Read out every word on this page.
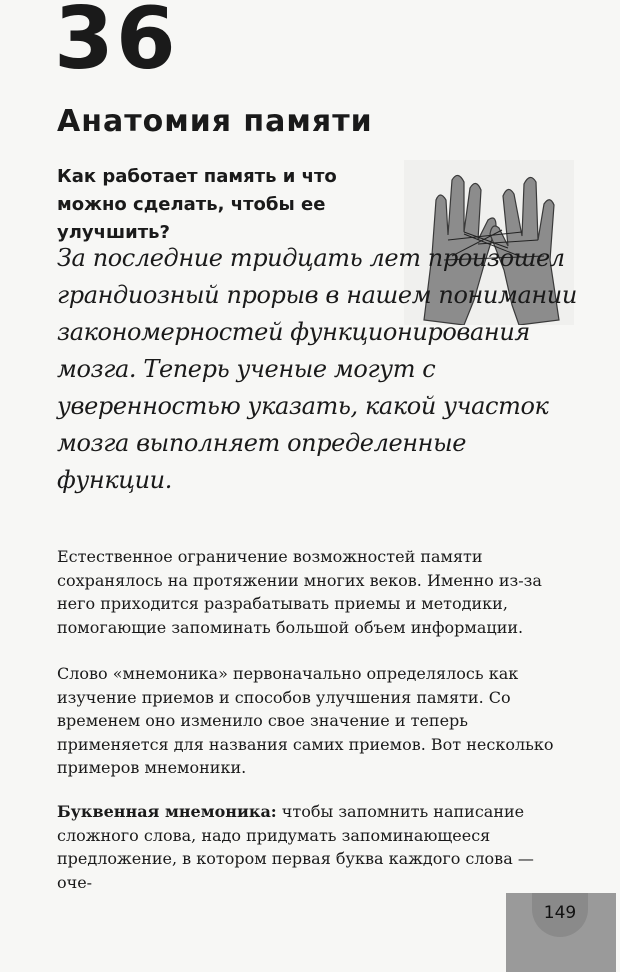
36
Анатомия памяти
Как работает память и что можно сделать, чтобы ее улучшить?

За последние тридцать лет произошел грандиозный прорыв в нашем понимании закономерностей функционирования мозга. Теперь ученые могут с уверенностью указать, какой участок мозга выполняет определенные функции.

Естественное ограничение возможностей памяти сохранялось на протяжении многих веков. Именно из-за него приходится разрабатывать приемы и методики, помогающие запоминать большой объем информации.

Слово «мнемоника» первоначально определялось как изучение приемов и способов улучшения памяти. Со временем оно изменило свое значение и теперь применяется для названия самих приемов. Вот несколько примеров мнемоники.

Буквенная мнемоника: чтобы запомнить написание сложного слова, надо придумать запоминающееся предложение, в котором первая буква каждого слова — оче-

149
